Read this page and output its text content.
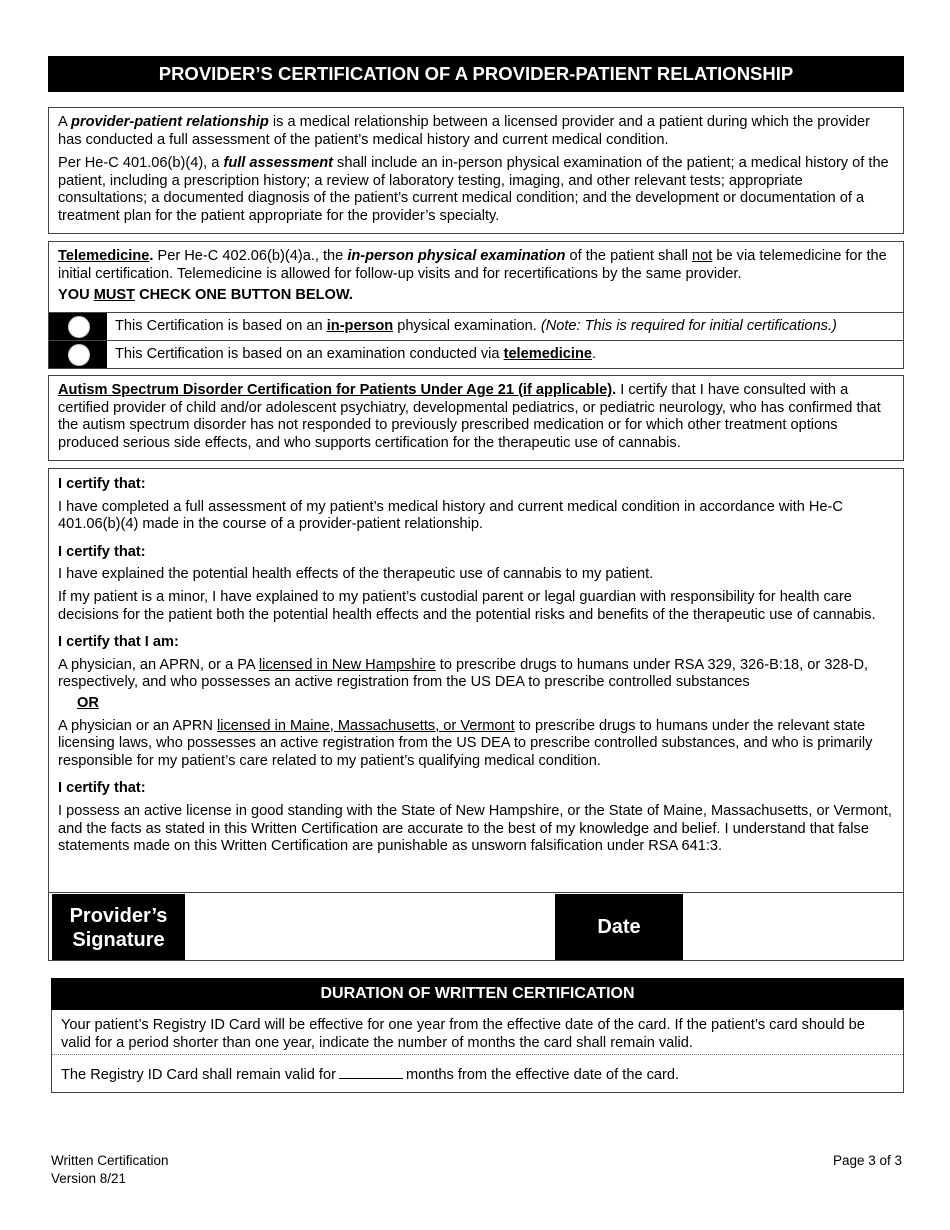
PROVIDER’S CERTIFICATION OF A PROVIDER-PATIENT RELATIONSHIP

A provider-patient relationship is a medical relationship between a licensed provider and a patient during which the provider has conducted a full assessment of the patient’s medical history and current medical condition.

Per He-C 401.06(b)(4), a full assessment shall include an in-person physical examination of the patient; a medical history of the patient, including a prescription history; a review of laboratory testing, imaging, and other relevant tests; appropriate consultations; a documented diagnosis of the patient’s current medical condition; and the development or documentation of a treatment plan for the patient appropriate for the provider’s specialty.

Telemedicine. Per He-C 402.06(b)(4)a., the in-person physical examination of the patient shall not be via telemedicine for the initial certification. Telemedicine is allowed for follow-up visits and for recertifications by the same provider.

YOU MUST CHECK ONE BUTTON BELOW.

This Certification is based on an in-person physical examination. (Note: This is required for initial certifications.)
This Certification is based on an examination conducted via telemedicine.

Autism Spectrum Disorder Certification for Patients Under Age 21 (if applicable). I certify that I have consulted with a certified provider of child and/or adolescent psychiatry, developmental pediatrics, or pediatric neurology, who has confirmed that the autism spectrum disorder has not responded to previously prescribed medication or for which other treatment options produced serious side effects, and who supports certification for the therapeutic use of cannabis.

I certify that:

I have completed a full assessment of my patient’s medical history and current medical condition in accordance with He-C 401.06(b)(4) made in the course of a provider-patient relationship.

I certify that:

I have explained the potential health effects of the therapeutic use of cannabis to my patient.

If my patient is a minor, I have explained to my patient’s custodial parent or legal guardian with responsibility for health care decisions for the patient both the potential health effects and the potential risks and benefits of the therapeutic use of cannabis.

I certify that I am:

A physician, an APRN, or a PA licensed in New Hampshire to prescribe drugs to humans under RSA 329, 326-B:18, or 328-D, respectively, and who possesses an active registration from the US DEA to prescribe controlled substances

OR

A physician or an APRN licensed in Maine, Massachusetts, or Vermont to prescribe drugs to humans under the relevant state licensing laws, who possesses an active registration from the US DEA to prescribe controlled substances, and who is primarily responsible for my patient’s care related to my patient’s qualifying medical condition.

I certify that:

I possess an active license in good standing with the State of New Hampshire, or the State of Maine, Massachusetts, or Vermont, and the facts as stated in this Written Certification are accurate to the best of my knowledge and belief. I understand that false statements made on this Written Certification are punishable as unsworn falsification under RSA 641:3.

Provider’s
Signature
Date
DURATION OF WRITTEN CERTIFICATION

Your patient’s Registry ID Card will be effective for one year from the effective date of the card. If the patient’s card should be valid for a period shorter than one year, indicate the number of months the card shall remain valid.

The Registry ID Card shall remain valid for	months from the effective date of the card.

Written Certification
Version 8/21
Page 3 of 3
